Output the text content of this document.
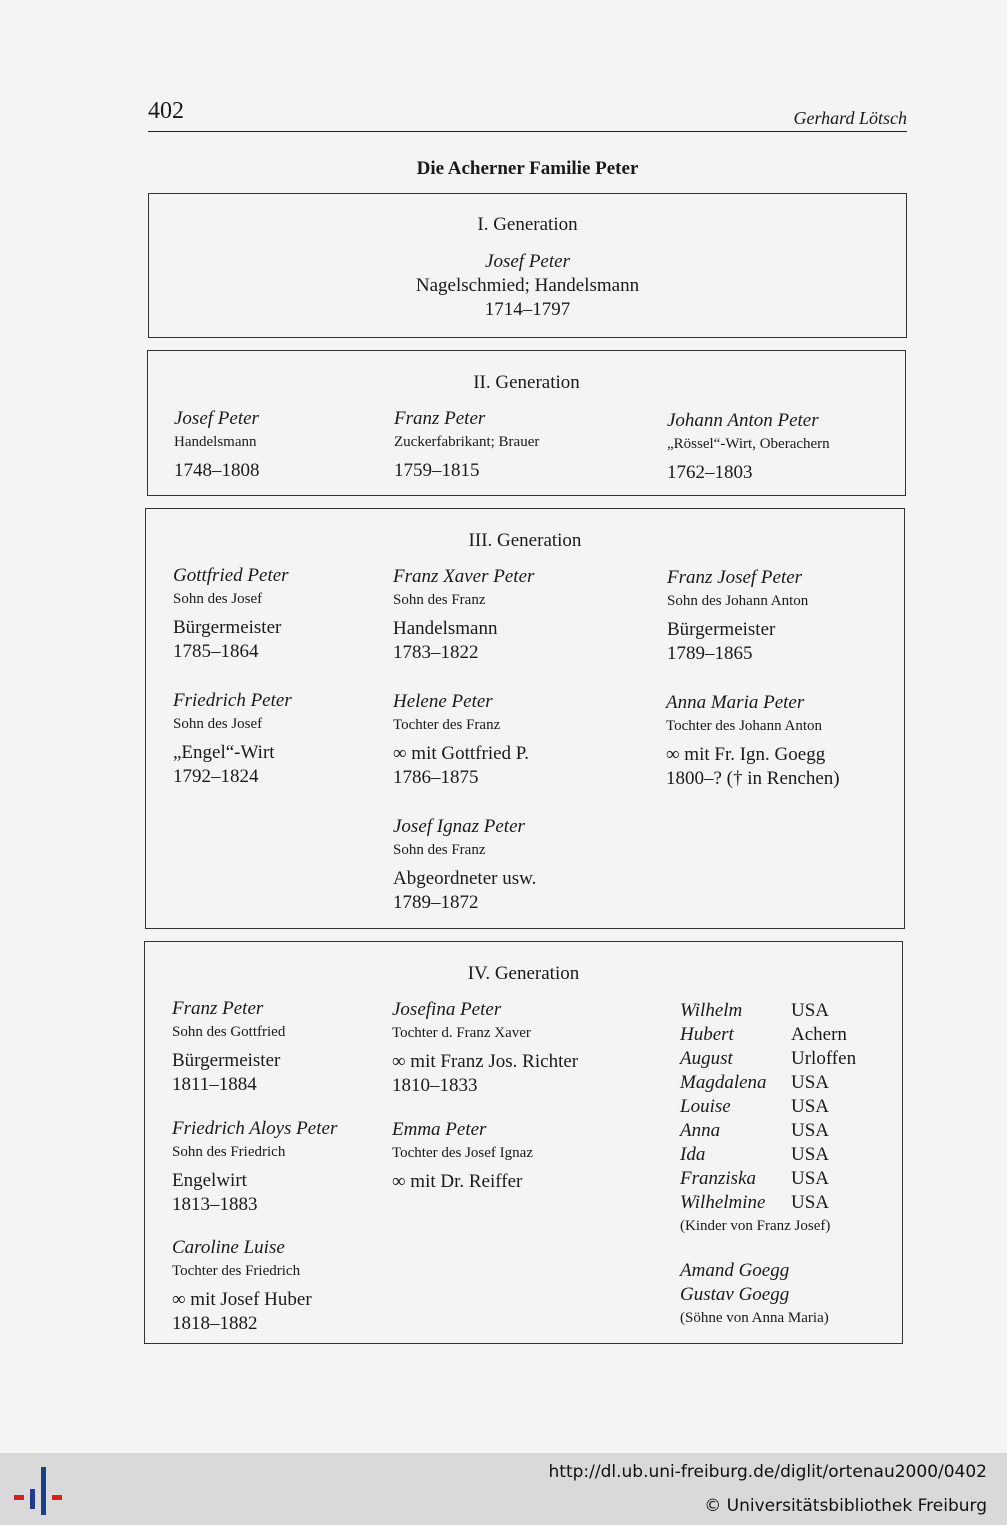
402	Gerhard Lötsch
Die Acherner Familie Peter
I. Generation

Josef Peter

Nagelschmied; Handelsmann

1714–1797

II. Generation

Josef Peter

Handelsmann

1748–1808

Franz Peter

Zuckerfabrikant; Brauer

1759–1815

Johann Anton Peter

„Rössel“-Wirt, Oberachern

1762–1803

III. Generation

Gottfried Peter

Sohn des Josef

Bürgermeister

1785–1864

Friedrich Peter

Sohn des Josef

„Engel“-Wirt

1792–1824

Franz Xaver Peter

Sohn des Franz

Handelsmann

1783–1822

Helene Peter

Tochter des Franz

∞ mit Gottfried P.

1786–1875

Josef Ignaz Peter

Sohn des Franz

Abgeordneter usw.

1789–1872

Franz Josef Peter

Sohn des Johann Anton

Bürgermeister

1789–1865

Anna Maria Peter

Tochter des Johann Anton

∞ mit Fr. Ign. Goegg

1800–? († in Renchen)

IV. Generation

Franz Peter

Sohn des Gottfried

Bürgermeister

1811–1884

Friedrich Aloys Peter

Sohn des Friedrich

Engelwirt

1813–1883

Caroline Luise

Tochter des Friedrich

∞ mit Josef Huber

1818–1882

Josefina Peter

Tochter d. Franz Xaver

∞ mit Franz Jos. Richter

1810–1833

Emma Peter

Tochter des Josef Ignaz

∞ mit Dr. Reiffer

Wilhelm	USA
Hubert	Achern
August	Urloffen
Magdalena	USA
Louise	USA
Anna	USA
Ida	USA
Franziska	USA
Wilhelmine	USA

(Kinder von Franz Josef)

Amand Goegg

Gustav Goegg

(Söhne von Anna Maria)

http://dl.ub.uni-freiburg.de/diglit/ortenau2000/0402
© Universitätsbibliothek Freiburg
